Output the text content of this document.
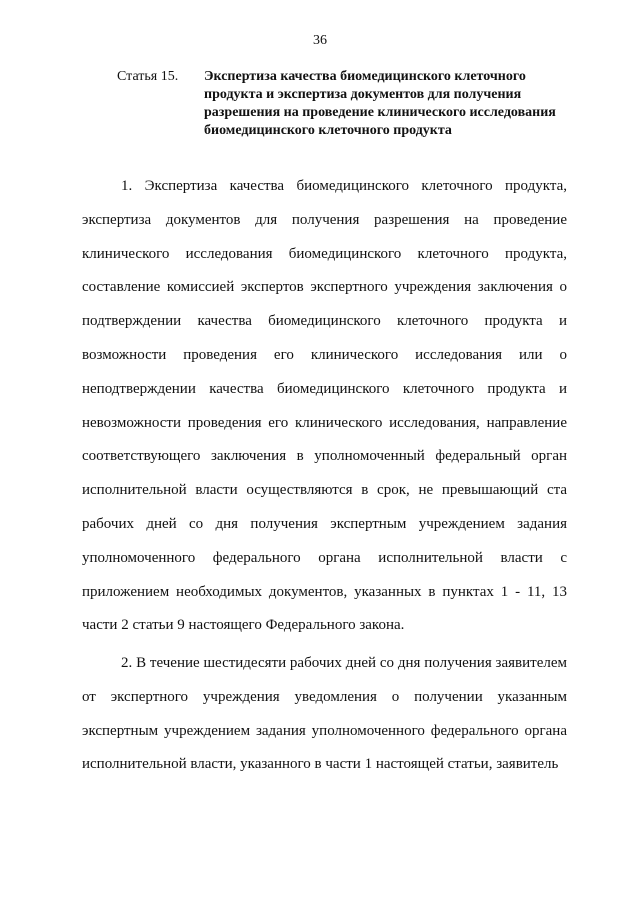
36
Статья 15. Экспертиза качества биомедицинского клеточного продукта и экспертиза документов для получения разрешения на проведение клинического исследования биомедицинского клеточного продукта
1. Экспертиза качества биомедицинского клеточного продукта, экспертиза документов для получения разрешения на проведение клинического исследования биомедицинского клеточного продукта, составление комиссией экспертов экспертного учреждения заключения о подтверждении качества биомедицинского клеточного продукта и возможности проведения его клинического исследования или о неподтверждении качества биомедицинского клеточного продукта и невозможности проведения его клинического исследования, направление соответствующего заключения в уполномоченный федеральный орган исполнительной власти осуществляются в срок, не превышающий ста рабочих дней со дня получения экспертным учреждением задания уполномоченного федерального органа исполнительной власти с приложением необходимых документов, указанных в пунктах 1 - 11, 13 части 2 статьи 9 настоящего Федерального закона.
2. В течение шестидесяти рабочих дней со дня получения заявителем от экспертного учреждения уведомления о получении указанным экспертным учреждением задания уполномоченного федерального органа исполнительной власти, указанного в части 1 настоящей статьи, заявитель
